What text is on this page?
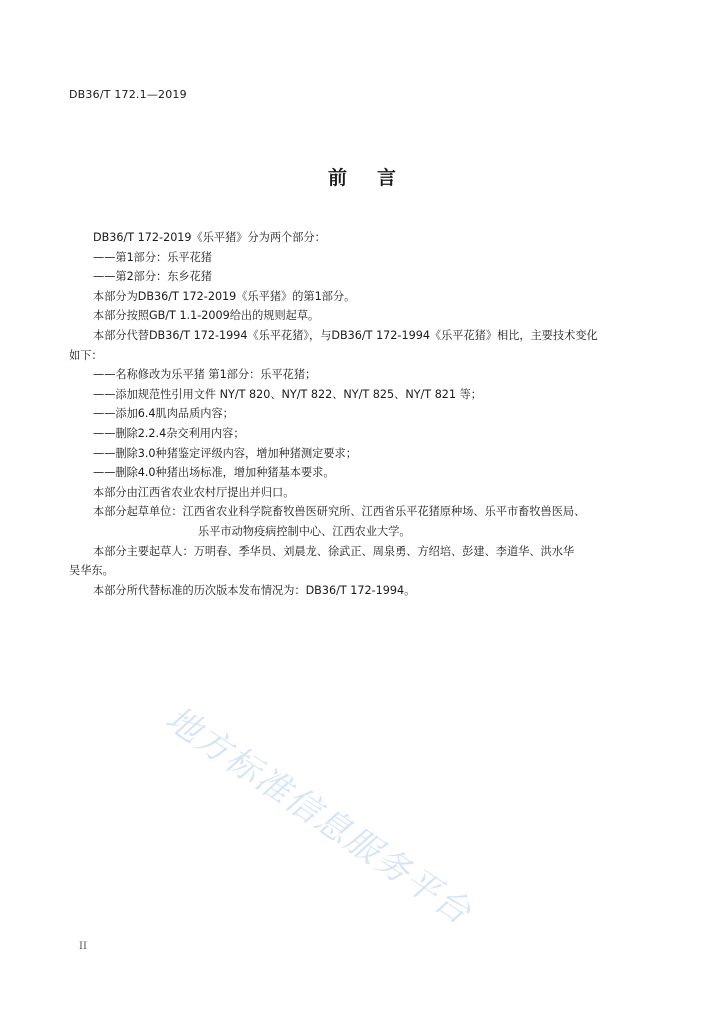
DB36/T 172.1—2019
前 言
DB36/T 172-2019《乐平猪》分为两个部分：
——第1部分：乐平花猪
——第2部分：东乡花猪
本部分为DB36/T 172-2019《乐平猪》的第1部分。
本部分按照GB/T 1.1-2009给出的规则起草。
本部分代替DB36/T 172-1994《乐平花猪》，与DB36/T 172-1994《乐平花猪》相比，主要技术变化
如下：
——名称修改为乐平猪 第1部分：乐平花猪；
——添加规范性引用文件 NY/T 820、NY/T 822、NY/T 825、NY/T 821 等；
——添加6.4肌肉品质内容；
——删除2.2.4杂交利用内容；
——删除3.0种猪鉴定评级内容，增加种猪测定要求；
——删除4.0种猪出场标准，增加种猪基本要求。
本部分由江西省农业农村厅提出并归口。
本部分起草单位：江西省农业科学院畜牧兽医研究所、江西省乐平花猪原种场、乐平市畜牧兽医局、
乐平市动物疫病控制中心、江西农业大学。
本部分主要起草人：万明春、季华员、刘晨龙、徐武正、周泉勇、方绍培、彭建、李道华、洪水华
吴华东。
本部分所代替标准的历次版本发布情况为：DB36/T 172-1994。
地方标准信息服务平台
II
